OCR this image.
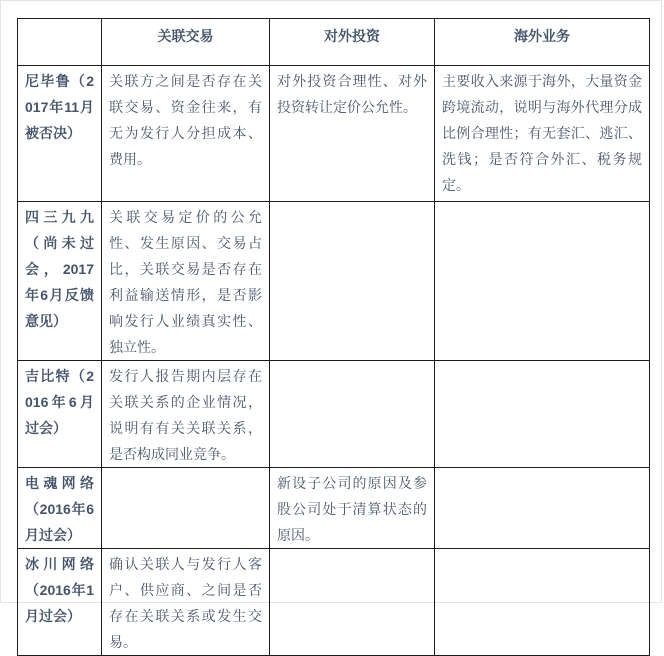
	关联交易	对外投资	海外业务
尼毕鲁（2017年11月被否决）	关联方之间是否存在关联交易、资金往来，有无为发行人分担成本、费用。	对外投资合理性、对外投资转让定价公允性。	主要收入来源于海外，大量资金跨境流动，说明与海外代理分成比例合理性；有无套汇、逃汇、洗钱；是否符合外汇、税务规定。
四三九九（尚未过会，2017年6月反馈意见）	关联交易定价的公允性、发生原因、交易占比，关联交易是否存在利益输送情形，是否影响发行人业绩真实性、独立性。		
吉比特（2016年6月过会）	发行人报告期内层存在关联关系的企业情况，说明有有关关联关系，是否构成同业竞争。		
电魂网络（2016年6月过会）		新设子公司的原因及参股公司处于清算状态的原因。	
冰川网络（2016年1月过会）	确认关联人与发行人客户、供应商、之间是否存在关联关系或发生交易。		
